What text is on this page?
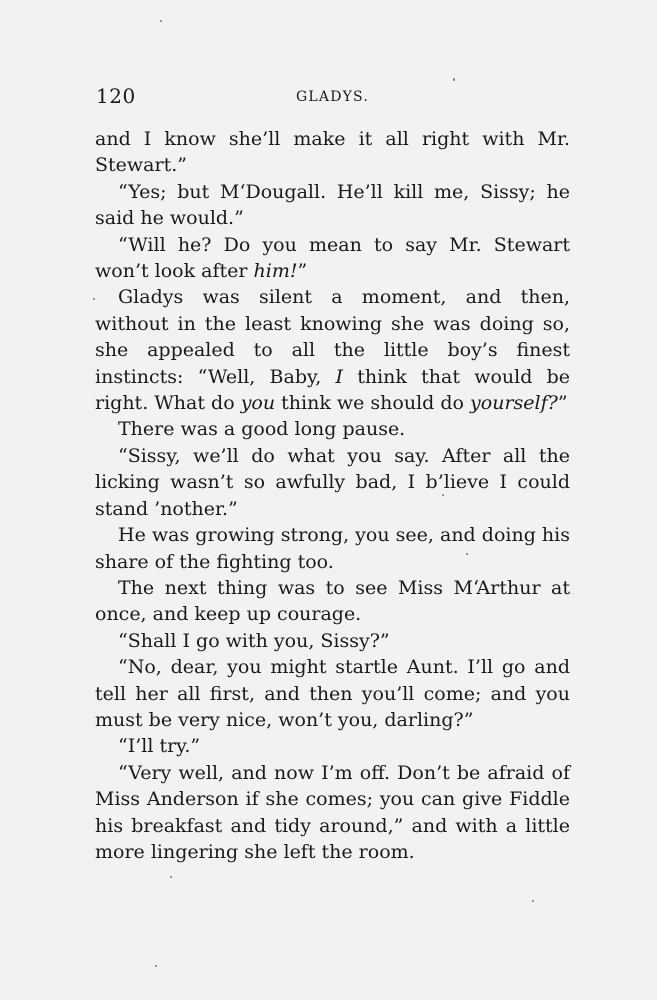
120	GLADYS.

and I know she’ll make it all right with Mr. Stewart.”

“Yes; but M‘Dougall. He’ll kill me, Sissy; he said he would.”

“Will he? Do you mean to say Mr. Stewart won’t look after him!”

Gladys was silent a moment, and then, without in the least knowing she was doing so, she appealed to all the little boy’s finest instincts: “Well, Baby, I think that would be right. What do you think we should do yourself?”

There was a good long pause.

“Sissy, we’ll do what you say. After all the licking wasn’t so awfully bad, I b’lieve I could stand ’nother.”

He was growing strong, you see, and doing his share of the fighting too.

The next thing was to see Miss M‘Arthur at once, and keep up courage.

“Shall I go with you, Sissy?”

“No, dear, you might startle Aunt. I’ll go and tell her all first, and then you’ll come; and you must be very nice, won’t you, darling?”

“I’ll try.”

“Very well, and now I’m off. Don’t be afraid of Miss Anderson if she comes; you can give Fiddle his breakfast and tidy around,” and with a little more lingering she left the room.
